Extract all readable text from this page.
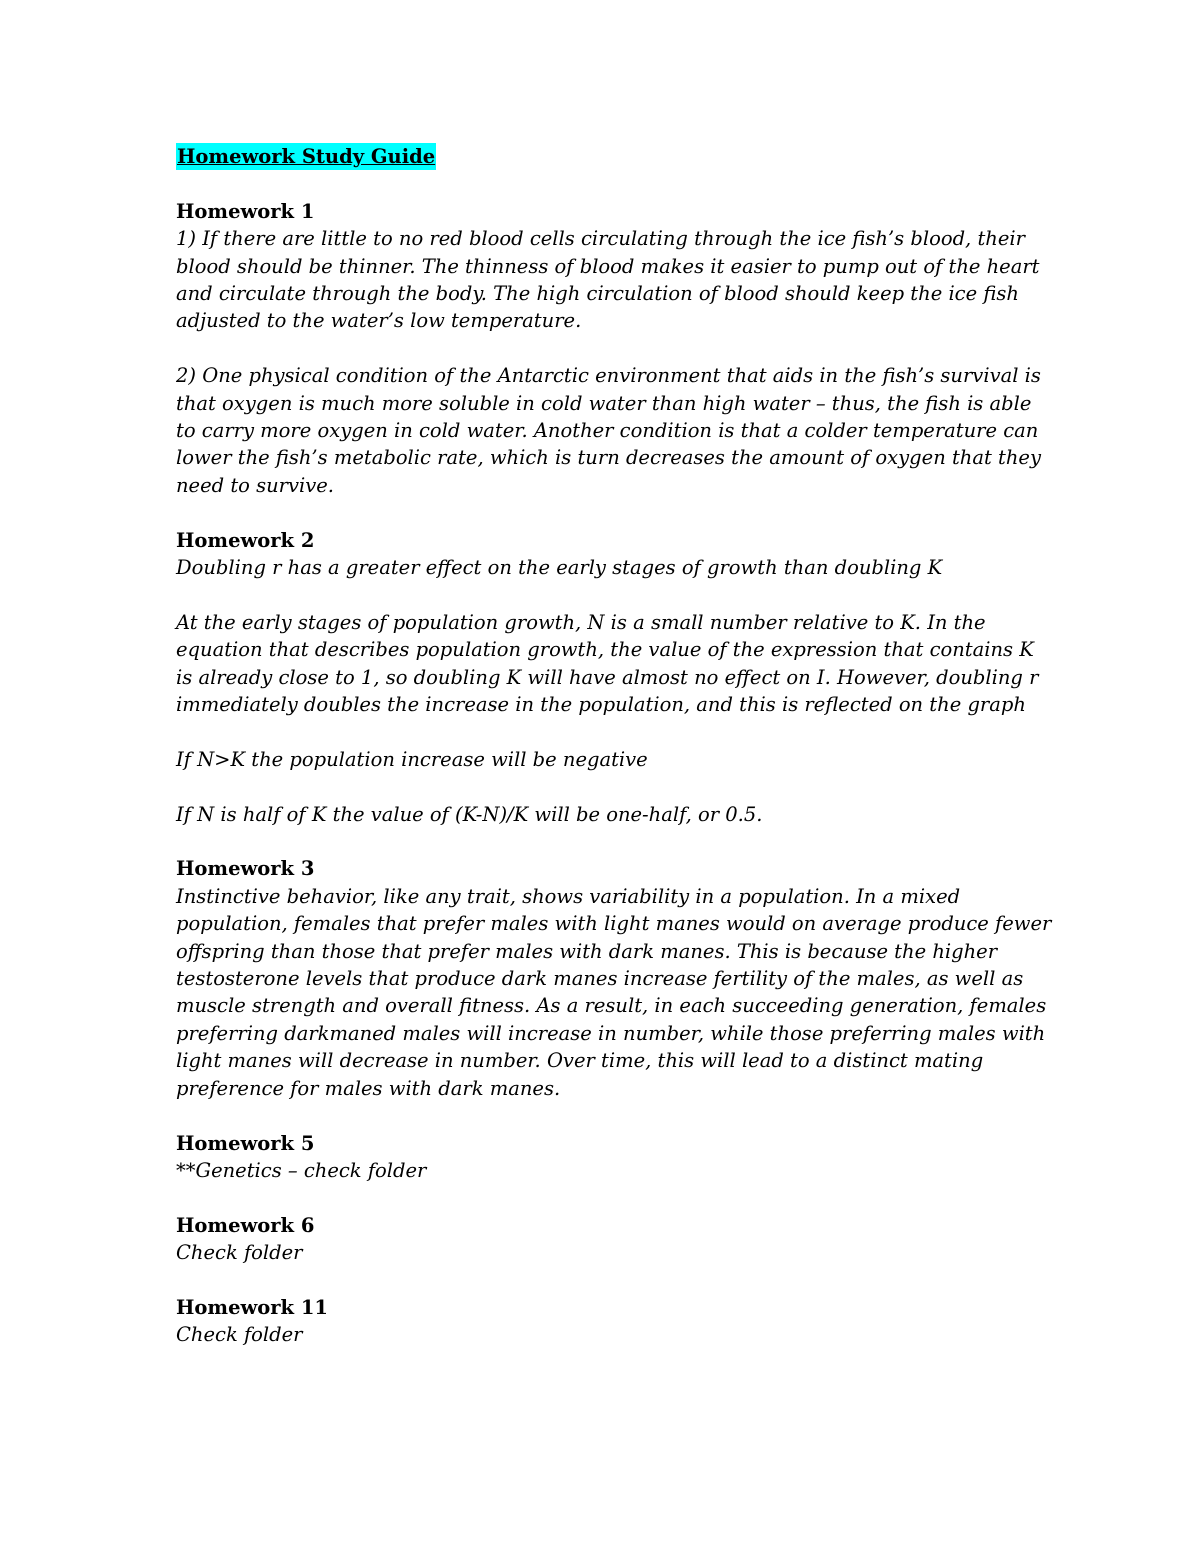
Homework Study Guide
Homework 1
1) If there are little to no red blood cells circulating through the ice fish’s blood, their blood should be thinner. The thinness of blood makes it easier to pump out of the heart and circulate through the body. The high circulation of blood should keep the ice fish adjusted to the water’s low temperature.
2) One physical condition of the Antarctic environment that aids in the fish’s survival is that oxygen is much more soluble in cold water than high water – thus, the fish is able to carry more oxygen in cold water. Another condition is that a colder temperature can lower the fish’s metabolic rate, which is turn decreases the amount of oxygen that they need to survive.
Homework 2
Doubling r has a greater effect on the early stages of growth than doubling K
At the early stages of population growth, N is a small number relative to K. In the equation that describes population growth, the value of the expression that contains K is already close to 1, so doubling K will have almost no effect on I. However, doubling r immediately doubles the increase in the population, and this is reflected on the graph
If N>K the population increase will be negative
If N is half of K the value of (K-N)/K will be one-half, or 0.5.
Homework 3
Instinctive behavior, like any trait, shows variability in a population. In a mixed population, females that prefer males with light manes would on average produce fewer offspring than those that prefer males with dark manes. This is because the higher testosterone levels that produce dark manes increase fertility of the males, as well as muscle strength and overall fitness. As a result, in each succeeding generation, females preferring darkmaned males will increase in number, while those preferring males with light manes will decrease in number. Over time, this will lead to a distinct mating preference for males with dark manes.
Homework 5
**Genetics – check folder
Homework 6
Check folder
Homework 11
Check folder
